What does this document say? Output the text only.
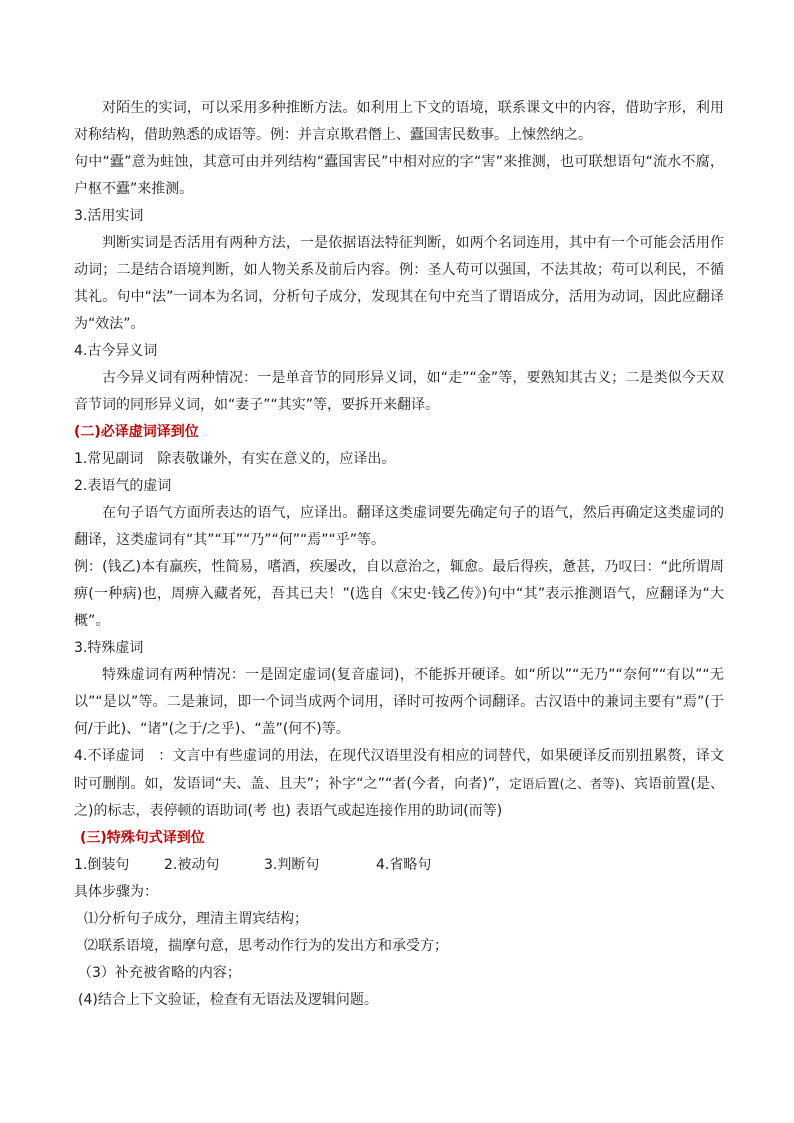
对陌生的实词，可以采用多种推断方法。如利用上下文的语境，联系课文中的内容，借助字形，利用对称结构，借助熟悉的成语等。例：并言京欺君僭上、蠹国害民数事。上悚然纳之。

句中“蠹”意为蛀蚀，其意可由并列结构“蠹国害民”中相对应的字“害”来推测，也可联想语句“流水不腐，户枢不蠹”来推测。

3.活用实词

判断实词是否活用有两种方法，一是依据语法特征判断，如两个名词连用，其中有一个可能会活用作动词；二是结合语境判断，如人物关系及前后内容。例：圣人苟可以强国，不法其故；苟可以利民，不循其礼。句中“法”一词本为名词，分析句子成分，发现其在句中充当了谓语成分，活用为动词，因此应翻译为“效法”。

4.古今异义词

古今异义词有两种情况：一是单音节的同形异义词，如“走”“金”等，要熟知其古义；二是类似今天双音节词的同形异义词，如“妻子”“其实”等，要拆开来翻译。

(二)必译虚词译到位

1.常见副词　除表敬谦外，有实在意义的，应译出。

2.表语气的虚词

在句子语气方面所表达的语气，应译出。翻译这类虚词要先确定句子的语气，然后再确定这类虚词的翻译，这类虚词有“其”“耳”“乃”“何”“焉”“乎”等。

例：(钱乙)本有羸疾，性简易，嗜酒，疾屡改，自以意治之，辄愈。最后得疾，惫甚，乃叹曰：“此所谓周痹(一种病)也，周痹入藏者死，吾其已夫！”(选自《宋史·钱乙传》)句中“其”表示推测语气，应翻译为“大概”。

3.特殊虚词

特殊虚词有两种情况：一是固定虚词(复音虚词)，不能拆开硬译。如“所以”“无乃”“奈何”“有以”“无以”“是以”等。二是兼词，即一个词当成两个词用，译时可按两个词翻译。古汉语中的兼词主要有“焉”(于何/于此)、“诸”(之于/之乎)、“盖”(何不)等。

4.不译虚词　：文言中有些虚词的用法，在现代汉语里没有相应的词替代，如果硬译反而别扭累赘，译文时可删削。如，发语词“夫、盖、且夫”；补字“之”“者(今者，向者)”，定语后置(之、者等)、宾语前置(是、之)的标志，表停顿的语助词(考 也) 表语气或起连接作用的助词(而等)

(三)特殊句式译到位

1.倒装句	2.被动句	3.判断句	4.省略句

具体步骤为：

⑴分析句子成分，理清主谓宾结构；

⑵联系语境，揣摩句意，思考动作行为的发出方和承受方；

（3）补充被省略的内容；

(4)结合上下文验证，检查有无语法及逻辑问题。
